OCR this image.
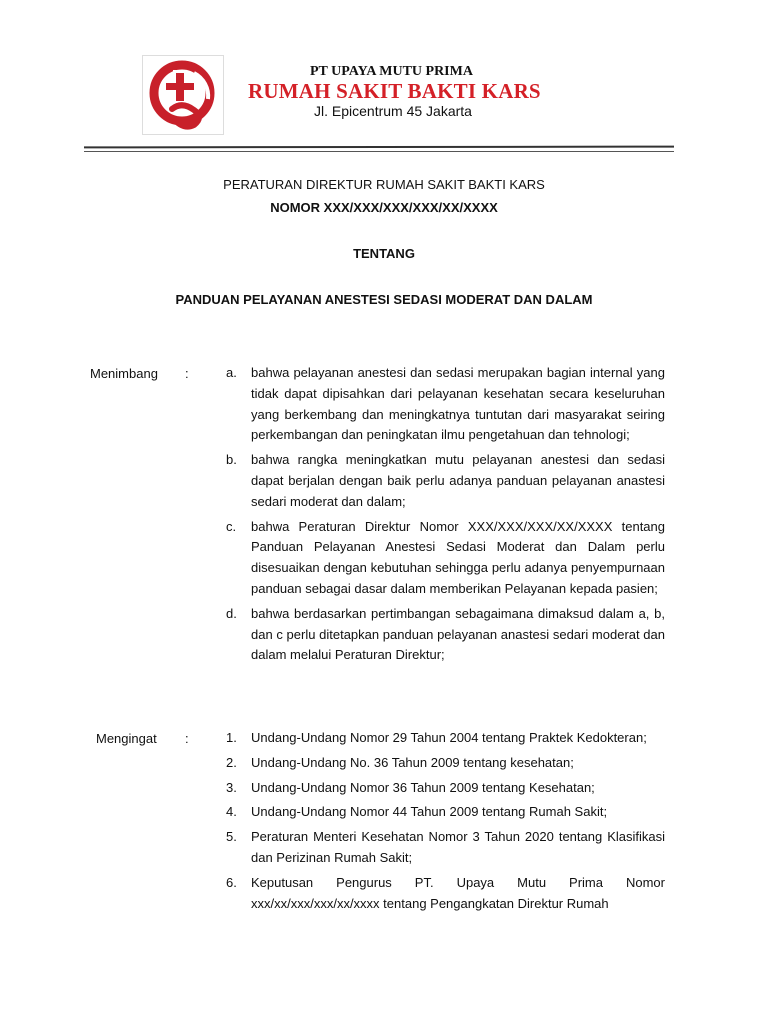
PT UPAYA MUTU PRIMA
RUMAH SAKIT BAKTI KARS
Jl. Epicentrum 45 Jakarta
PERATURAN DIREKTUR RUMAH SAKIT BAKTI KARS
NOMOR XXX/XXX/XXX/XXX/XX/XXXX
TENTANG
PANDUAN PELAYANAN ANESTESI SEDASI MODERAT DAN DALAM
Menimbang :	a. bahwa pelayanan anestesi dan sedasi merupakan bagian internal yang tidak dapat dipisahkan dari pelayanan kesehatan secara keseluruhan yang berkembang dan meningkatnya tuntutan dari masyarakat seiring perkembangan dan peningkatan ilmu pengetahuan dan tehnologi;
b. bahwa rangka meningkatkan mutu pelayanan anestesi dan sedasi dapat berjalan dengan baik perlu adanya panduan pelayanan anastesi sedari moderat dan dalam;
c. bahwa Peraturan Direktur Nomor XXX/XXX/XXX/XX/XXXX tentang Panduan Pelayanan Anestesi Sedasi Moderat dan Dalam perlu disesuaikan dengan kebutuhan sehingga perlu adanya penyempurnaan panduan sebagai dasar dalam memberikan Pelayanan kepada pasien;
d. bahwa berdasarkan pertimbangan sebagaimana dimaksud dalam a, b, dan c perlu ditetapkan panduan pelayanan anastesi sedari moderat dan dalam melalui Peraturan Direktur;
Mengingat :	1. Undang-Undang Nomor 29 Tahun 2004 tentang Praktek Kedokteran;
2. Undang-Undang No. 36 Tahun 2009 tentang kesehatan;
3. Undang-Undang Nomor 36 Tahun 2009 tentang Kesehatan;
4. Undang-Undang Nomor 44 Tahun 2009 tentang Rumah Sakit;
5. Peraturan Menteri Kesehatan Nomor 3 Tahun 2020 tentang Klasifikasi dan Perizinan Rumah Sakit;
6. Keputusan Pengurus PT. Upaya Mutu Prima Nomor xxx/xx/xxx/xxx/xx/xxxx tentang Pengangkatan Direktur Rumah
